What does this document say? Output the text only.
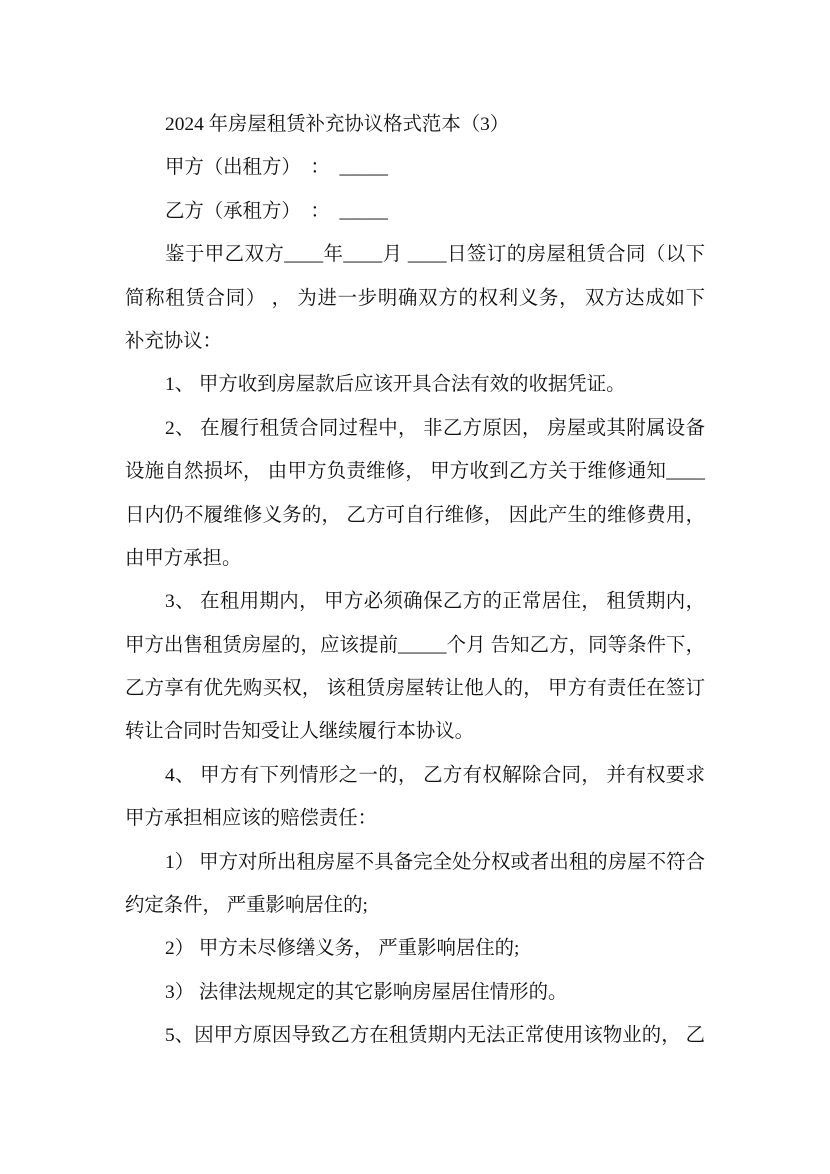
2024 年房屋租赁补充协议格式范本（3）
甲方（出租方）  ：  _____
乙方（承租方）  ：  _____
鉴于甲乙双方____年____月 ____日签订的房屋租赁合同（以下
简称租赁合同） ， 为进一步明确双方的权利义务， 双方达成如下
补充协议：
1、 甲方收到房屋款后应该开具合法有效的收据凭证。
2、 在履行租赁合同过程中， 非乙方原因， 房屋或其附属设备
设施自然损坏， 由甲方负责维修， 甲方收到乙方关于维修通知____
日内仍不履维修义务的， 乙方可自行维修， 因此产生的维修费用，
由甲方承担。
3、 在租用期内， 甲方必须确保乙方的正常居住， 租赁期内，
甲方出售租赁房屋的，应该提前_____个月 告知乙方，同等条件下，
乙方享有优先购买权， 该租赁房屋转让他人的， 甲方有责任在签订
转让合同时告知受让人继续履行本协议。
4、 甲方有下列情形之一的， 乙方有权解除合同， 并有权要求
甲方承担相应该的赔偿责任：
1） 甲方对所出租房屋不具备完全处分权或者出租的房屋不符合
约定条件， 严重影响居住的;
2） 甲方未尽修缮义务， 严重影响居住的;
3） 法律法规规定的其它影响房屋居住情形的。
5、因甲方原因导致乙方在租赁期内无法正常使用该物业的， 乙
